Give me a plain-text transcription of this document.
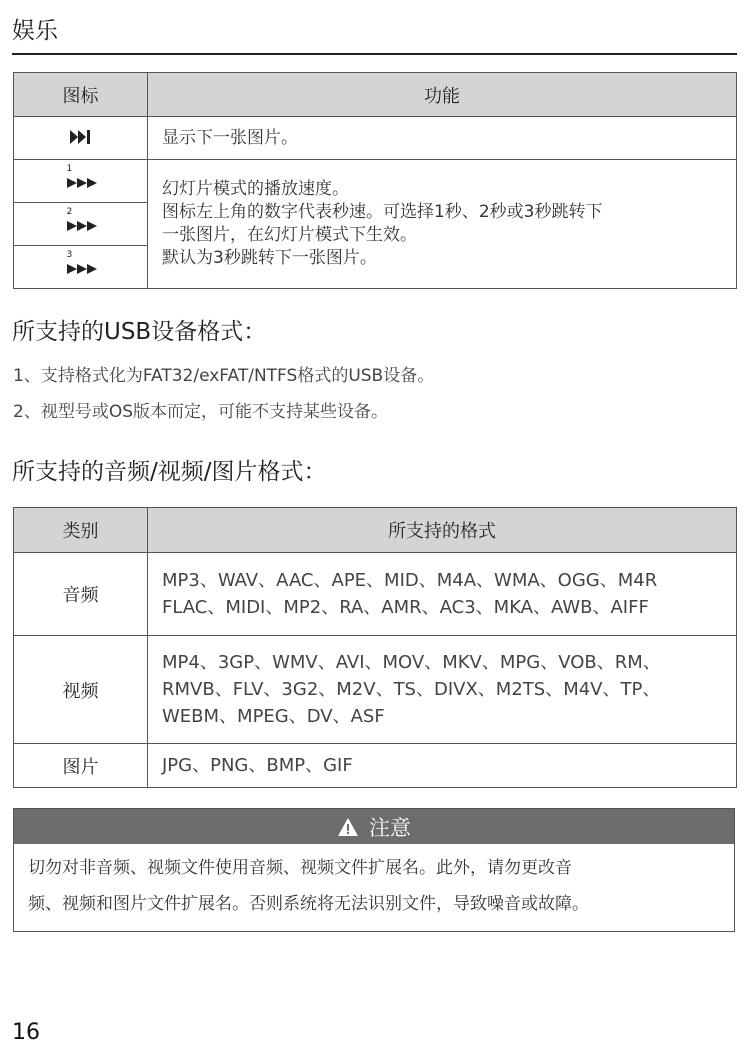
娱乐
图标	功能
	显示下一张图片。

1	幻灯片模式的播放速度。
图标左上角的数字代表秒速。可选择1秒、2秒或3秒跳转下
一张图片，在幻灯片模式下生效。
默认为3秒跳转下一张图片。

2	

3	
所支持的USB设备格式：

1、支持格式化为FAT32/exFAT/NTFS格式的USB设备。

2、视型号或OS版本而定，可能不支持某些设备。

所支持的音频/视频/图片格式：
类别	所支持的格式
音频	MP3、WAV、AAC、APE、MID、M4A、WMA、OGG、M4R
FLAC、MIDI、MP2、RA、AMR、AC3、MKA、AWB、AIFF

视频	MP4、3GP、WMV、AVI、MOV、MKV、MPG、VOB、RM、
RMVB、FLV、3G2、M2V、TS、DIVX、M2TS、M4V、TP、
WEBM、MPEG、DV、ASF

图片	JPG、PNG、BMP、GIF
注意
切勿对非音频、视频文件使用音频、视频文件扩展名。此外，请勿更改音
频、视频和图片文件扩展名。否则系统将无法识别文件，导致噪音或故障。
16
